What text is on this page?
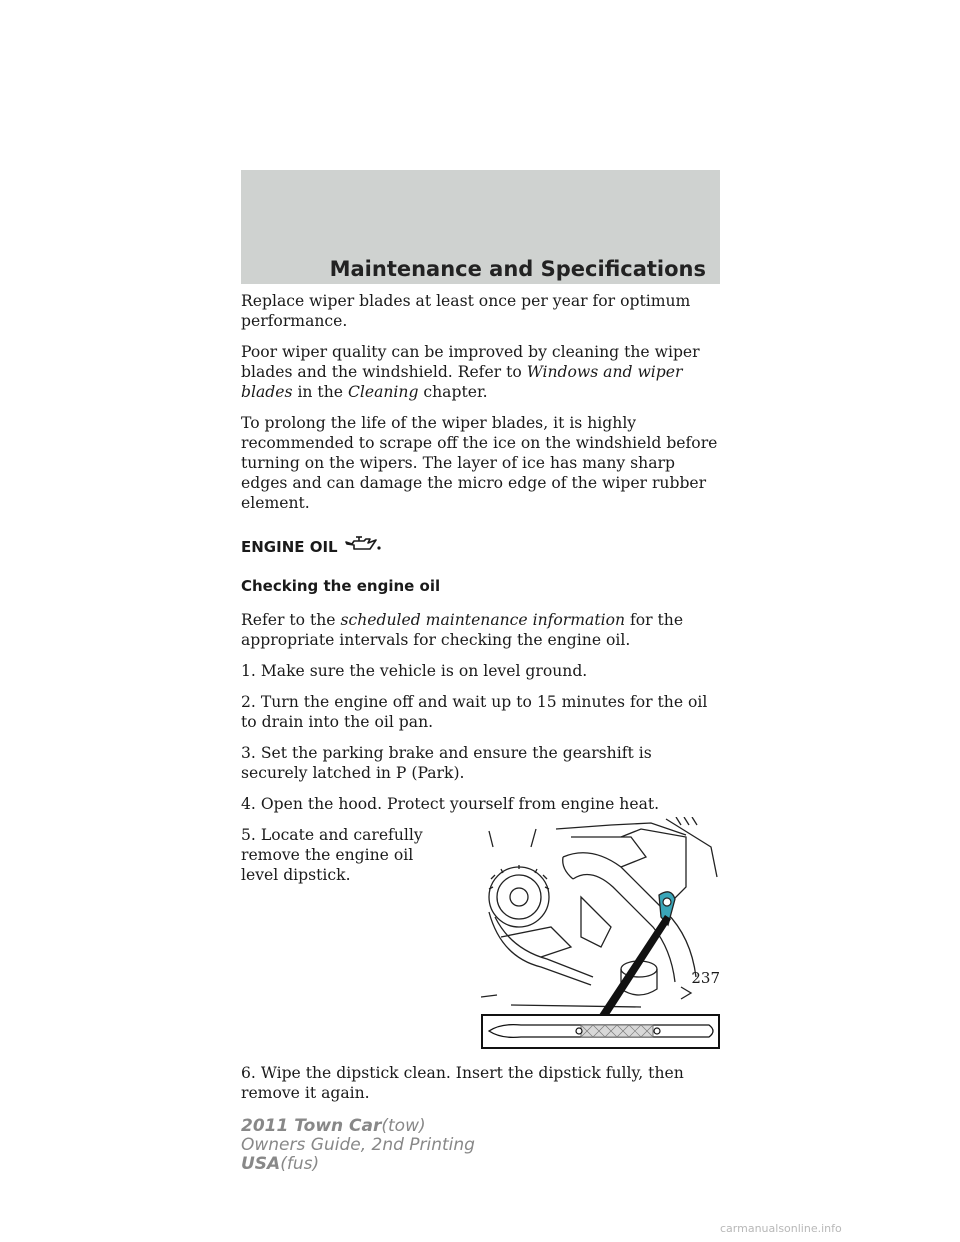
Maintenance and Specifications

Replace wiper blades at least once per year for optimum performance.

Poor wiper quality can be improved by cleaning the wiper blades and the windshield. Refer to Windows and wiper blades in the Cleaning chapter.

To prolong the life of the wiper blades, it is highly recommended to scrape off the ice on the windshield before turning on the wipers. The layer of ice has many sharp edges and can damage the micro edge of the wiper rubber element.

ENGINE OIL
Checking the engine oil

Refer to the scheduled maintenance information for the appropriate intervals for checking the engine oil.

1. Make sure the vehicle is on level ground.

2. Turn the engine off and wait up to 15 minutes for the oil to drain into the oil pan.

3. Set the parking brake and ensure the gearshift is securely latched in P (Park).

4. Open the hood. Protect yourself from engine heat.

5. Locate and carefully remove the engine oil level dipstick.

6. Wipe the dipstick clean. Insert the dipstick fully, then remove it again.

237
2011 Town Car(tow)
Owners Guide, 2nd Printing
USA(fus)
carmanualsonline.info
